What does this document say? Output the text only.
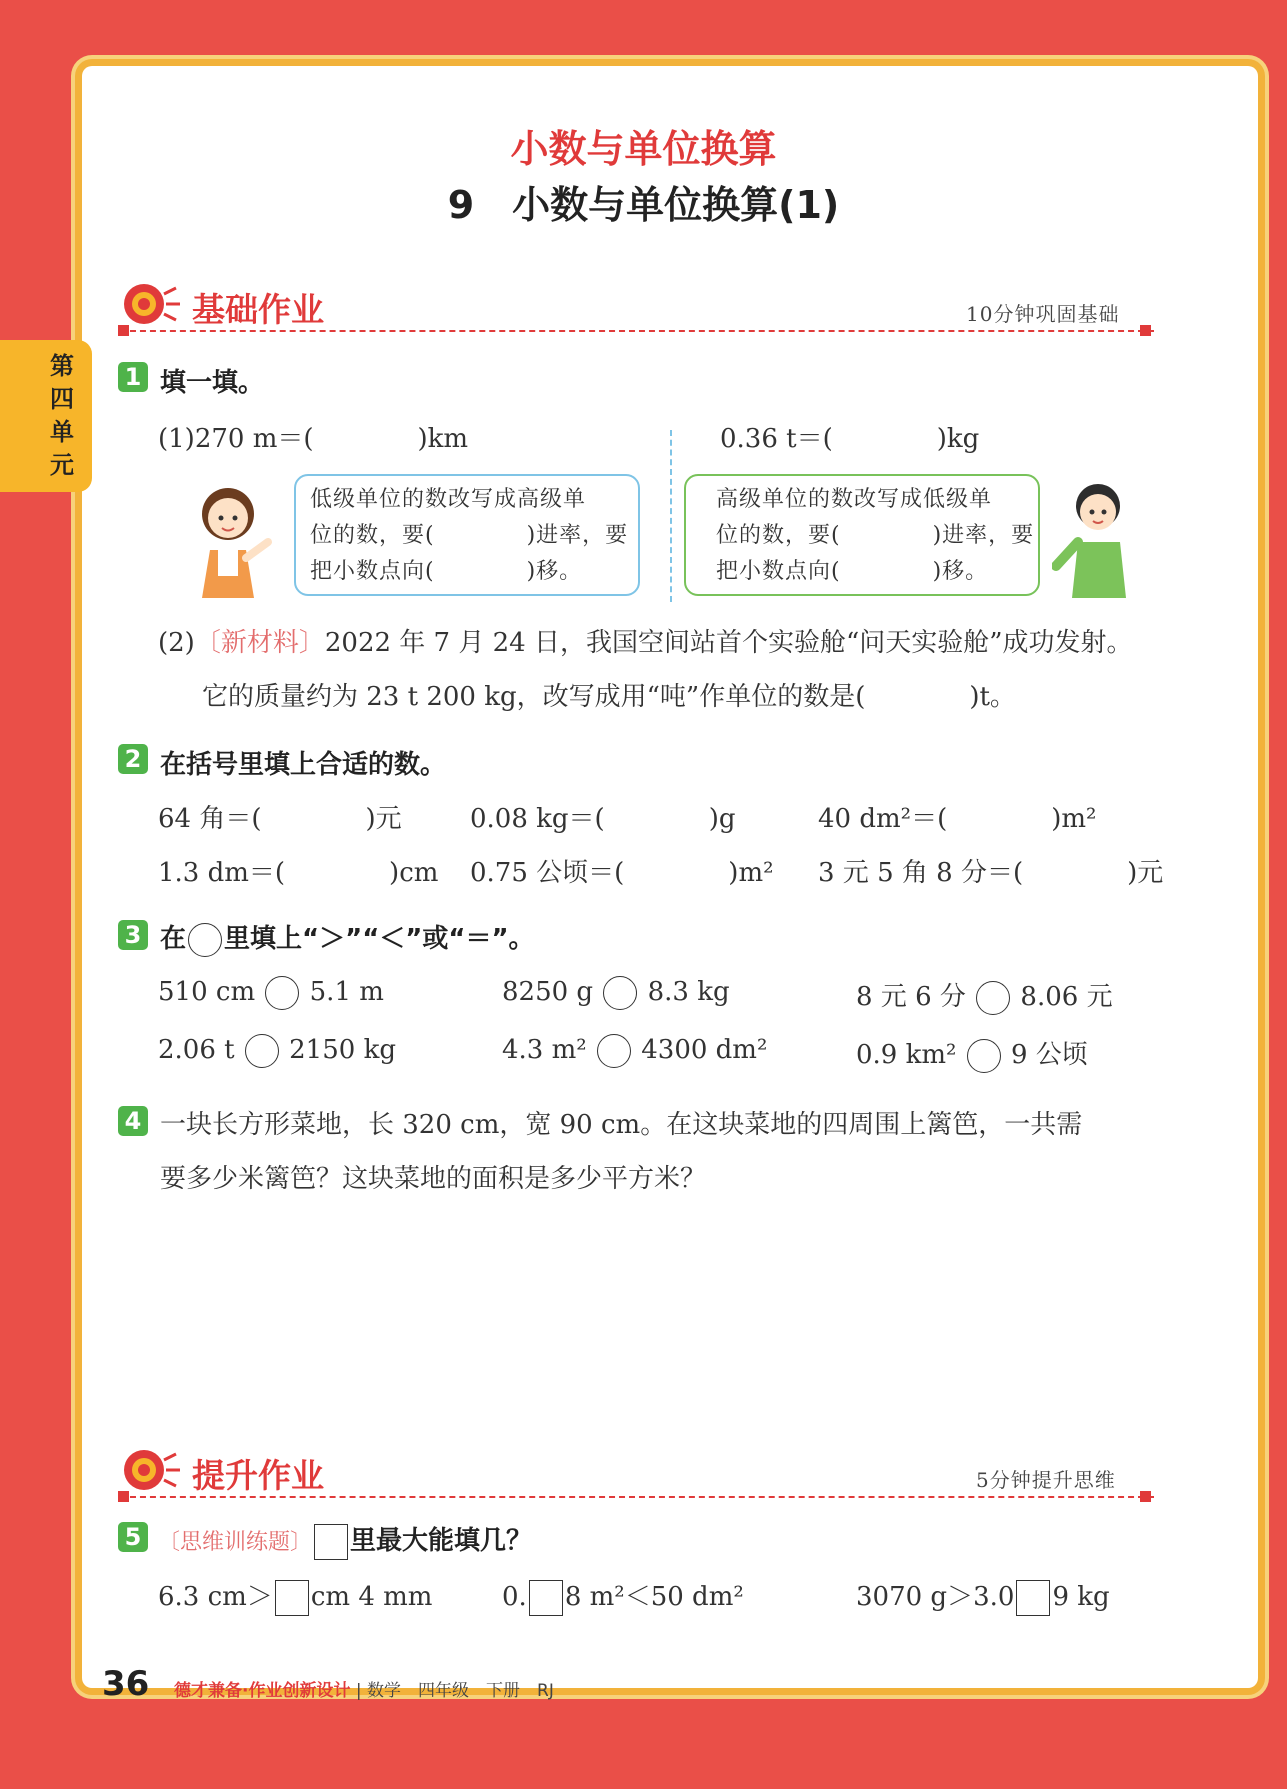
第四单元
小数与单位换算
9　小数与单位换算(1)
基础作业	10分钟巩固基础
1 填一填。
(1)270 m＝(　　　　)km	0.36 t＝(　　　　)kg
低级单位的数改写成高级单
位的数，要(　　　　)进率，要
把小数点向(　　　　)移。
高级单位的数改写成低级单
位的数，要(　　　　)进率，要
把小数点向(　　　　)移。
(2)〔新材料〕2022 年 7 月 24 日，我国空间站首个实验舱“问天实验舱”成功发射。
它的质量约为 23 t 200 kg，改写成用“吨”作单位的数是(　　　　)t。
2 在括号里填上合适的数。
64 角＝(　　　　)元	0.08 kg＝(　　　　)g	40 dm²＝(　　　　)m²
1.3 dm＝(　　　　)cm 0.75 公顷＝(　　　　)m² 3 元 5 角 8 分＝(　　　　)元
3 在 里填上“＞”“＜”或“＝”。
510 cm 5.1 m	8250 g 8.3 kg	8 元 6 分 8.06 元
2.06 t 2150 kg	4.3 m² 4300 dm²	0.9 km² 9 公顷
4 一块长方形菜地，长 320 cm，宽 90 cm。在这块菜地的四周围上篱笆，一共需
要多少米篱笆？这块菜地的面积是多少平方米？
提升作业	5分钟提升思维
5 〔思维训练题〕 里最大能填几？
6.3 cm＞ cm 4 mm	0. 8 m²＜50 dm²	3070 g＞3.0 9 kg
36 德才兼备·作业创新设计 | 数学　四年级　下册　RJ
